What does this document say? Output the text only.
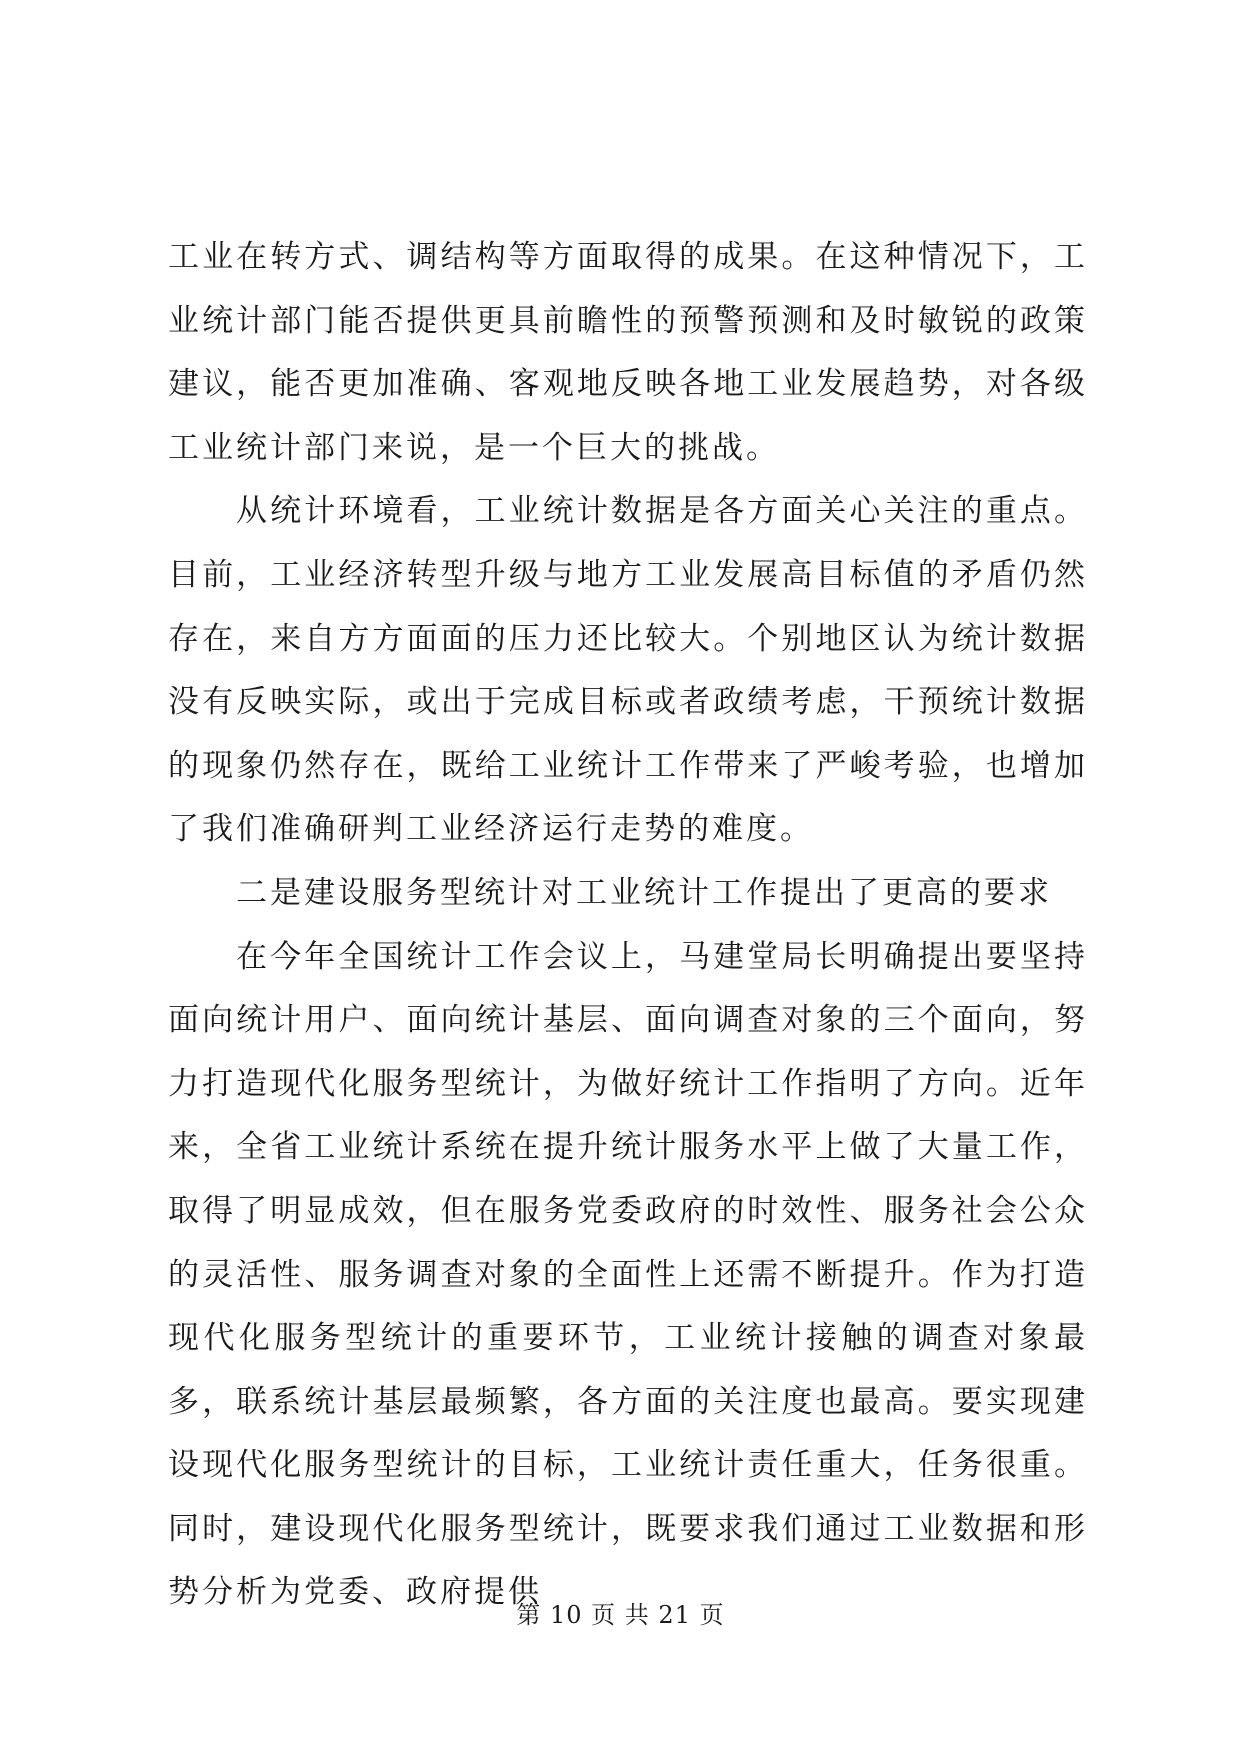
工业在转方式、调结构等方面取得的成果。在这种情况下，工业统计部门能否提供更具前瞻性的预警预测和及时敏锐的政策建议，能否更加准确、客观地反映各地工业发展趋势，对各级工业统计部门来说，是一个巨大的挑战。

从统计环境看，工业统计数据是各方面关心关注的重点。目前，工业经济转型升级与地方工业发展高目标值的矛盾仍然存在，来自方方面面的压力还比较大。个别地区认为统计数据没有反映实际，或出于完成目标或者政绩考虑，干预统计数据的现象仍然存在，既给工业统计工作带来了严峻考验，也增加了我们准确研判工业经济运行走势的难度。

二是建设服务型统计对工业统计工作提出了更高的要求

在今年全国统计工作会议上，马建堂局长明确提出要坚持面向统计用户、面向统计基层、面向调查对象的三个面向，努力打造现代化服务型统计，为做好统计工作指明了方向。近年来，全省工业统计系统在提升统计服务水平上做了大量工作，取得了明显成效，但在服务党委政府的时效性、服务社会公众的灵活性、服务调查对象的全面性上还需不断提升。作为打造现代化服务型统计的重要环节，工业统计接触的调查对象最多，联系统计基层最频繁，各方面的关注度也最高。要实现建设现代化服务型统计的目标，工业统计责任重大，任务很重。同时，建设现代化服务型统计，既要求我们通过工业数据和形势分析为党委、政府提供

第 10 页 共 21 页
